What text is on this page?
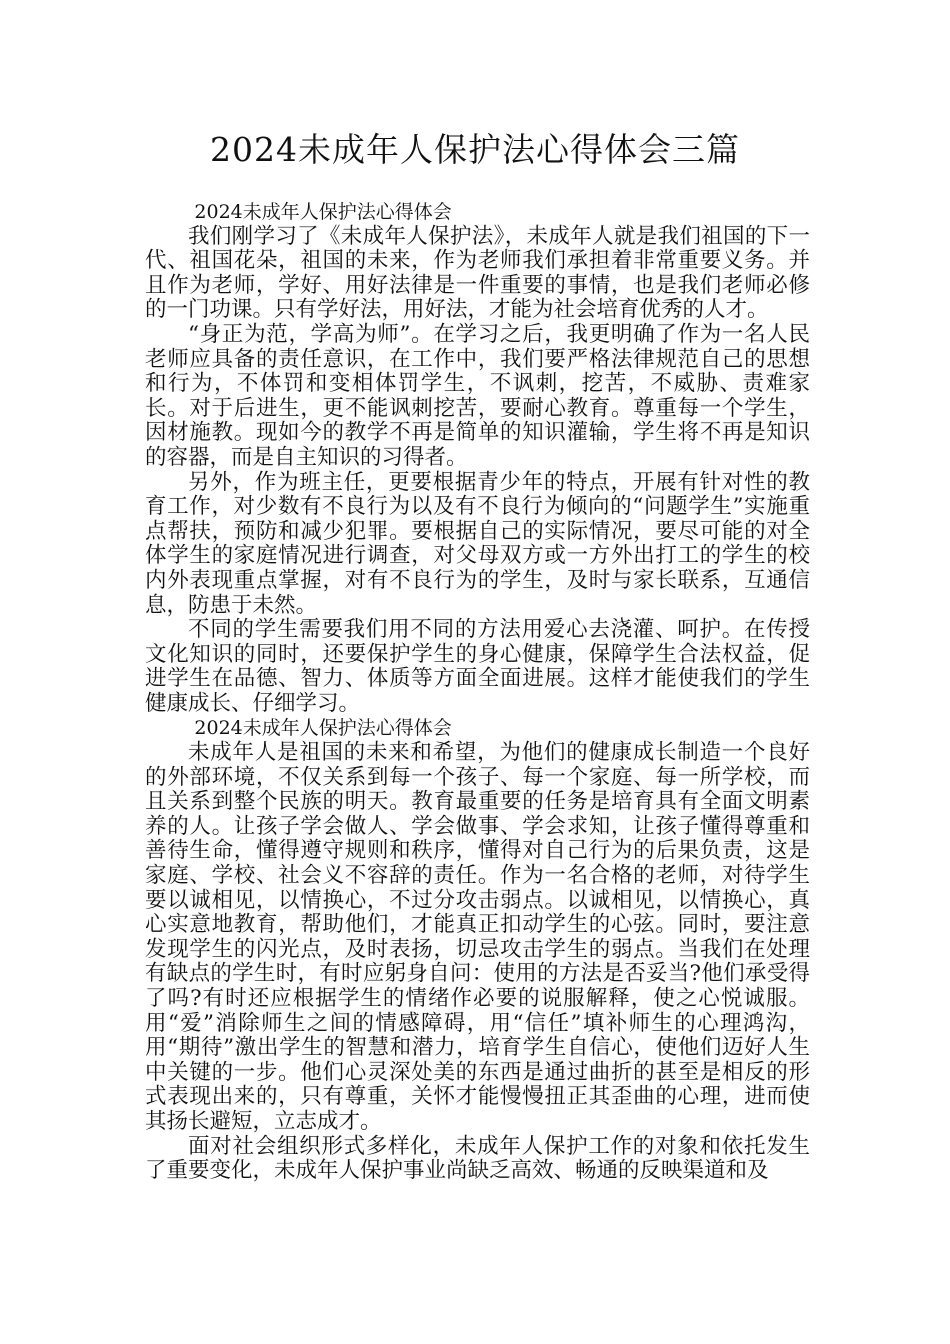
2024未成年人保护法心得体会三篇
2024未成年人保护法心得体会

我们刚学习了《未成年人保护法》，未成年人就是我们祖国的下一代、祖国花朵，祖国的未来，作为老师我们承担着非常重要义务。并且作为老师，学好、用好法律是一件重要的事情，也是我们老师必修的一门功课。只有学好法，用好法，才能为社会培育优秀的人才。

“身正为范，学高为师”。在学习之后，我更明确了作为一名人民老师应具备的责任意识，在工作中，我们要严格法律规范自己的思想和行为，不体罚和变相体罚学生，不讽刺，挖苦，不威胁、责难家长。对于后进生，更不能讽刺挖苦，要耐心教育。尊重每一个学生，因材施教。现如今的教学不再是简单的知识灌输，学生将不再是知识的容器，而是自主知识的习得者。

另外，作为班主任，更要根据青少年的特点，开展有针对性的教育工作，对少数有不良行为以及有不良行为倾向的“问题学生”实施重点帮扶，预防和减少犯罪。要根据自己的实际情况，要尽可能的对全体学生的家庭情况进行调查，对父母双方或一方外出打工的学生的校内外表现重点掌握，对有不良行为的学生，及时与家长联系，互通信息，防患于未然。

不同的学生需要我们用不同的方法用爱心去浇灌、呵护。在传授文化知识的同时，还要保护学生的身心健康，保障学生合法权益，促进学生在品德、智力、体质等方面全面进展。这样才能使我们的学生健康成长、仔细学习。

2024未成年人保护法心得体会

未成年人是祖国的未来和希望，为他们的健康成长制造一个良好的外部环境，不仅关系到每一个孩子、每一个家庭、每一所学校，而且关系到整个民族的明天。教育最重要的任务是培育具有全面文明素养的人。让孩子学会做人、学会做事、学会求知，让孩子懂得尊重和善待生命，懂得遵守规则和秩序，懂得对自己行为的后果负责，这是家庭、学校、社会义不容辞的责任。作为一名合格的老师，对待学生要以诚相见，以情换心，不过分攻击弱点。以诚相见，以情换心，真心实意地教育，帮助他们，才能真正扣动学生的心弦。同时，要注意发现学生的闪光点，及时表扬，切忌攻击学生的弱点。当我们在处理有缺点的学生时，有时应躬身自问：使用的方法是否妥当?他们承受得了吗?有时还应根据学生的情绪作必要的说服解释，使之心悦诚服。用“爱”消除师生之间的情感障碍，用“信任”填补师生的心理鸿沟，用“期待”激出学生的智慧和潜力，培育学生自信心，使他们迈好人生中关键的一步。他们心灵深处美的东西是通过曲折的甚至是相反的形式表现出来的，只有尊重，关怀才能慢慢扭正其歪曲的心理，进而使其扬长避短，立志成才。

面对社会组织形式多样化，未成年人保护工作的对象和依托发生了重要变化，未成年人保护事业尚缺乏高效、畅通的反映渠道和及
